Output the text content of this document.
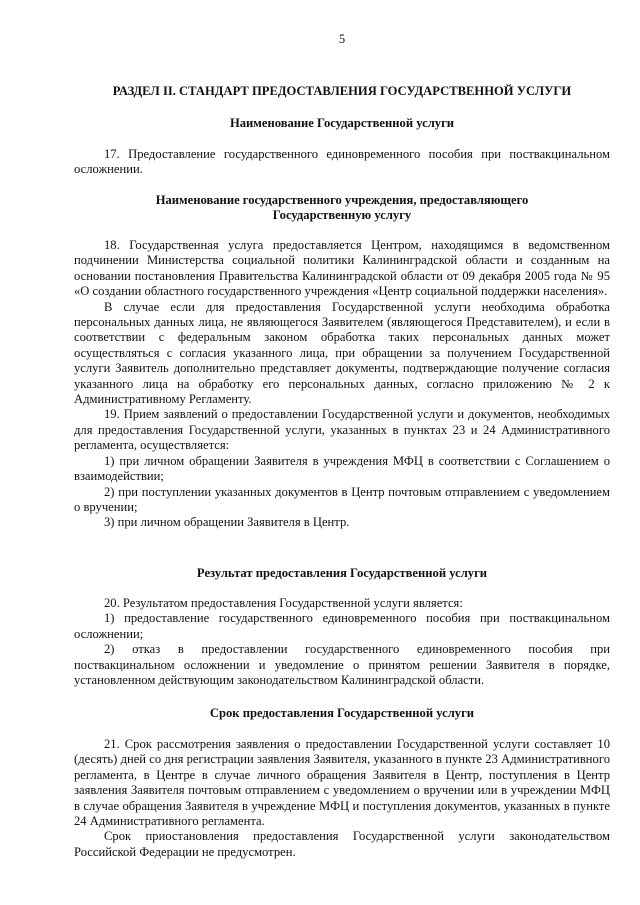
5
РАЗДЕЛ II. СТАНДАРТ ПРЕДОСТАВЛЕНИЯ ГОСУДАРСТВЕННОЙ УСЛУГИ
Наименование Государственной услуги

17. Предоставление государственного единовременного пособия при поствакцинальном осложнении.

Наименование государственного учреждения, предоставляющего
Государственную услугу

18. Государственная услуга предоставляется Центром, находящимся в ведомственном подчинении Министерства социальной политики Калининградской области и созданным на основании постановления Правительства Калининградской области от 09 декабря 2005 года № 95 «О создании областного государственного учреждения «Центр социальной поддержки населения».

В случае если для предоставления Государственной услуги необходима обработка персональных данных лица, не являющегося Заявителем (являющегося Представителем), и если в соответствии с федеральным законом обработка таких персональных данных может осуществляться с согласия указанного лица, при обращении за получением Государственной услуги Заявитель дополнительно представляет документы, подтверждающие получение согласия указанного лица на обработку его персональных данных, согласно приложению № 2 к Административному Регламенту.

19. Прием заявлений о предоставлении Государственной услуги и документов, необходимых для предоставления Государственной услуги, указанных в пунктах 23 и 24 Административного регламента, осуществляется:

1) при личном обращении Заявителя в учреждения МФЦ в соответствии с Соглашением о взаимодействии;

2) при поступлении указанных документов в Центр почтовым отправлением с уведомлением о вручении;

3) при личном обращении Заявителя в Центр.

Результат предоставления Государственной услуги

20. Результатом предоставления Государственной услуги является:

1) предоставление государственного единовременного пособия при поствакцинальном осложнении;

2) отказ в предоставлении государственного единовременного пособия при поствакцинальном осложнении и уведомление о принятом решении Заявителя в порядке, установленном действующим законодательством Калининградской области.

Срок предоставления Государственной услуги

21. Срок рассмотрения заявления о предоставлении Государственной услуги составляет 10 (десять) дней со дня регистрации заявления Заявителя, указанного в пункте 23 Административного регламента, в Центре в случае личного обращения Заявителя в Центр, поступления в Центр заявления Заявителя почтовым отправлением с уведомлением о вручении или в учреждении МФЦ в случае обращения Заявителя в учреждение МФЦ и поступления документов, указанных в пункте 24 Административного регламента.

Срок приостановления предоставления Государственной услуги законодательством Российской Федерации не предусмотрен.
